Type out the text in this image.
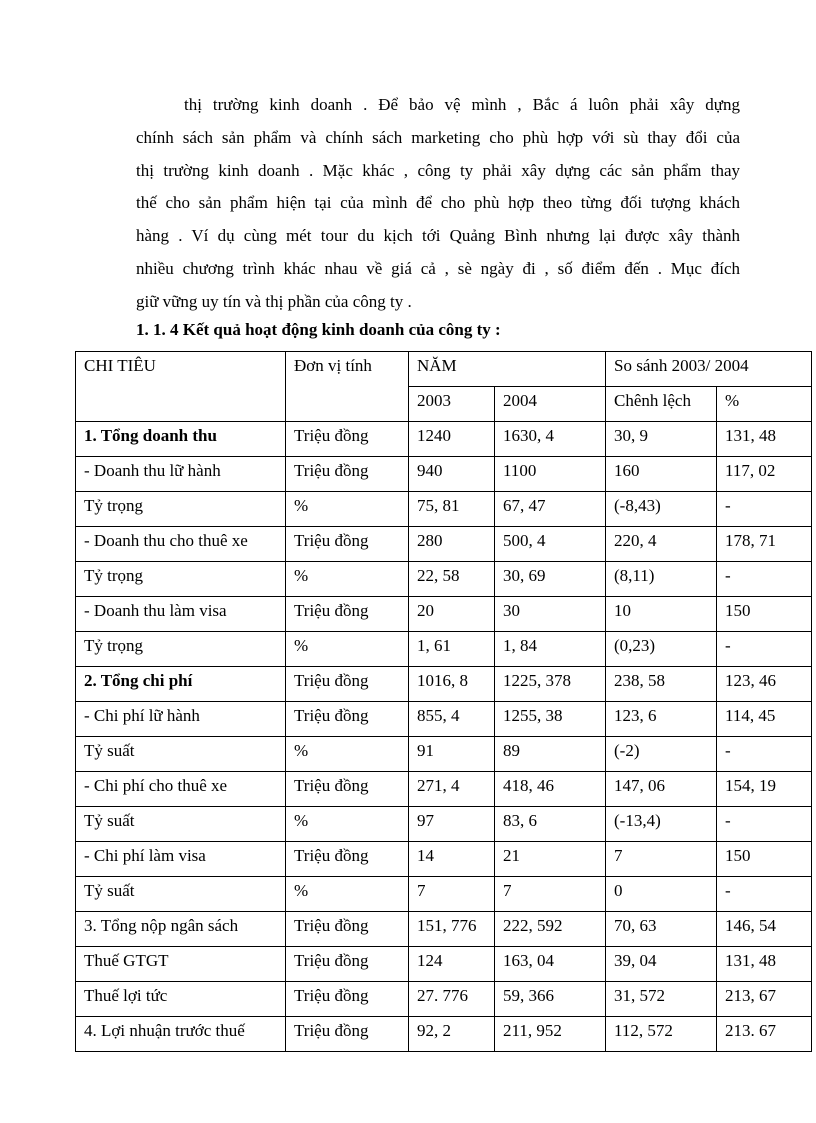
thị trường kinh doanh . Để bảo vệ mình , Bắc á luôn phải xây dựng
chính sách sản phẩm và chính sách marketing cho phù hợp với sù thay đổi của
thị trường kinh doanh . Mặc khác , công ty phải xây dựng các sản phẩm thay
thế cho sản phẩm hiện tại của mình để cho phù hợp theo từng đối tượng khách
hàng . Ví dụ cùng mét tour du kịch tới Quảng Bình nhưng lại được xây thành
nhiều chương trình khác nhau về giá cả , sè ngày đi , số điểm đến . Mục đích
giữ vững uy tín và thị phần của công ty .
1. 1. 4 Kết quả hoạt động kinh doanh của công ty :
CHI TIÊU	Đơn vị tính	NĂM		So sánh 2003/ 2004	
		2003	2004	Chênh lệch	%
1. Tổng doanh thu	Triệu đồng	1240	1630, 4	30, 9	131, 48
- Doanh thu lữ hành	Triệu đồng	940	1100	160	117, 02
Tỷ trọng	%	75, 81	67, 47	(-8,43)	-
- Doanh thu cho thuê xe	Triệu đồng	280	500, 4	220, 4	178, 71
Tỷ trọng	%	22, 58	30, 69	(8,11)	-
- Doanh thu làm visa	Triệu đồng	20	30	10	150
Tỷ trọng	%	1, 61	1, 84	(0,23)	-
2. Tổng chi phí	Triệu đồng	1016, 8	1225, 378	238, 58	123, 46
- Chi phí lữ hành	Triệu đồng	855, 4	1255, 38	123, 6	114, 45
Tỷ suất	%	91	89	(-2)	-
- Chi phí cho thuê xe	Triệu đồng	271, 4	418, 46	147, 06	154, 19
Tỷ suất	%	97	83, 6	(-13,4)	-
- Chi phí làm visa	Triệu đồng	14	21	7	150
Tỷ suất	%	7	7	0	-
3. Tổng nộp ngân sách	Triệu đồng	151, 776	222, 592	70, 63	146, 54
Thuế GTGT	Triệu đồng	124	163, 04	39, 04	131, 48
Thuế lợi tức	Triệu đồng	27. 776	59, 366	31, 572	213, 67
4. Lợi nhuận trước thuế	Triệu đồng	92, 2	211, 952	112, 572	213. 67
